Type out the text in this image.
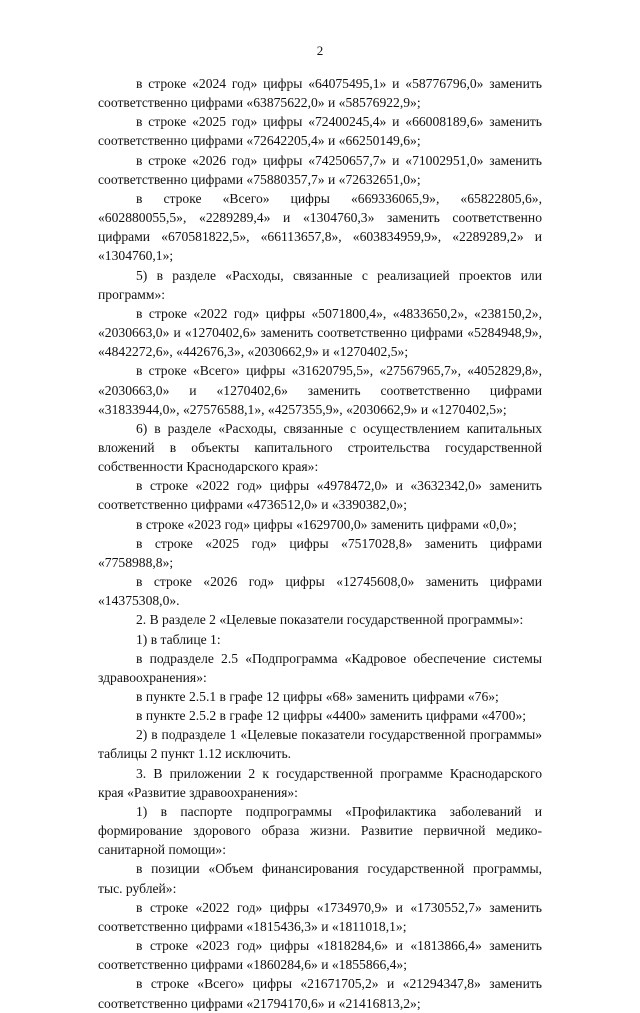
2

в строке «2024 год» цифры «64075495,1» и «58776796,0» заменить соответственно цифрами «63875622,0» и «58576922,9»;

в строке «2025 год» цифры «72400245,4» и «66008189,6» заменить соответственно цифрами «72642205,4» и «66250149,6»;

в строке «2026 год» цифры «74250657,7» и «71002951,0» заменить соответственно цифрами «75880357,7» и «72632651,0»;

в строке «Всего» цифры «669336065,9», «65822805,6», «602880055,5», «2289289,4» и «1304760,3» заменить соответственно цифрами «670581822,5», «66113657,8», «603834959,9», «2289289,2» и «1304760,1»;

5) в разделе «Расходы, связанные с реализацией проектов или программ»:

в строке «2022 год» цифры «5071800,4», «4833650,2», «238150,2», «2030663,0» и «1270402,6» заменить соответственно цифрами «5284948,9», «4842272,6», «442676,3», «2030662,9» и «1270402,5»;

в строке «Всего» цифры «31620795,5», «27567965,7», «4052829,8», «2030663,0» и «1270402,6» заменить соответственно цифрами «31833944,0», «27576588,1», «4257355,9», «2030662,9» и «1270402,5»;

6) в разделе «Расходы, связанные с осуществлением капитальных вложений в объекты капитального строительства государственной собственности Краснодарского края»:

в строке «2022 год» цифры «4978472,0» и «3632342,0» заменить соответственно цифрами «4736512,0» и «3390382,0»;

в строке «2023 год» цифры «1629700,0» заменить цифрами «0,0»;

в строке «2025 год» цифры «7517028,8» заменить цифрами «7758988,8»;

в строке «2026 год» цифры «12745608,0» заменить цифрами «14375308,0».

2. В разделе 2 «Целевые показатели государственной программы»:

1) в таблице 1:

в подразделе 2.5 «Подпрограмма «Кадровое обеспечение системы здравоохранения»:

в пункте 2.5.1 в графе 12 цифры «68» заменить цифрами «76»;

в пункте 2.5.2 в графе 12 цифры «4400» заменить цифрами «4700»;

2) в подразделе 1 «Целевые показатели государственной программы» таблицы 2 пункт 1.12 исключить.

3. В приложении 2 к государственной программе Краснодарского края «Развитие здравоохранения»:

1) в паспорте подпрограммы «Профилактика заболеваний и формирование здорового образа жизни. Развитие первичной медико-санитарной помощи»:

в позиции «Объем финансирования государственной программы, тыс. рублей»:

в строке «2022 год» цифры «1734970,9» и «1730552,7» заменить соответственно цифрами «1815436,3» и «1811018,1»;

в строке «2023 год» цифры «1818284,6» и «1813866,4» заменить соответственно цифрами «1860284,6» и «1855866,4»;

в строке «Всего» цифры «21671705,2» и «21294347,8» заменить соответственно цифрами «21794170,6» и «21416813,2»;
